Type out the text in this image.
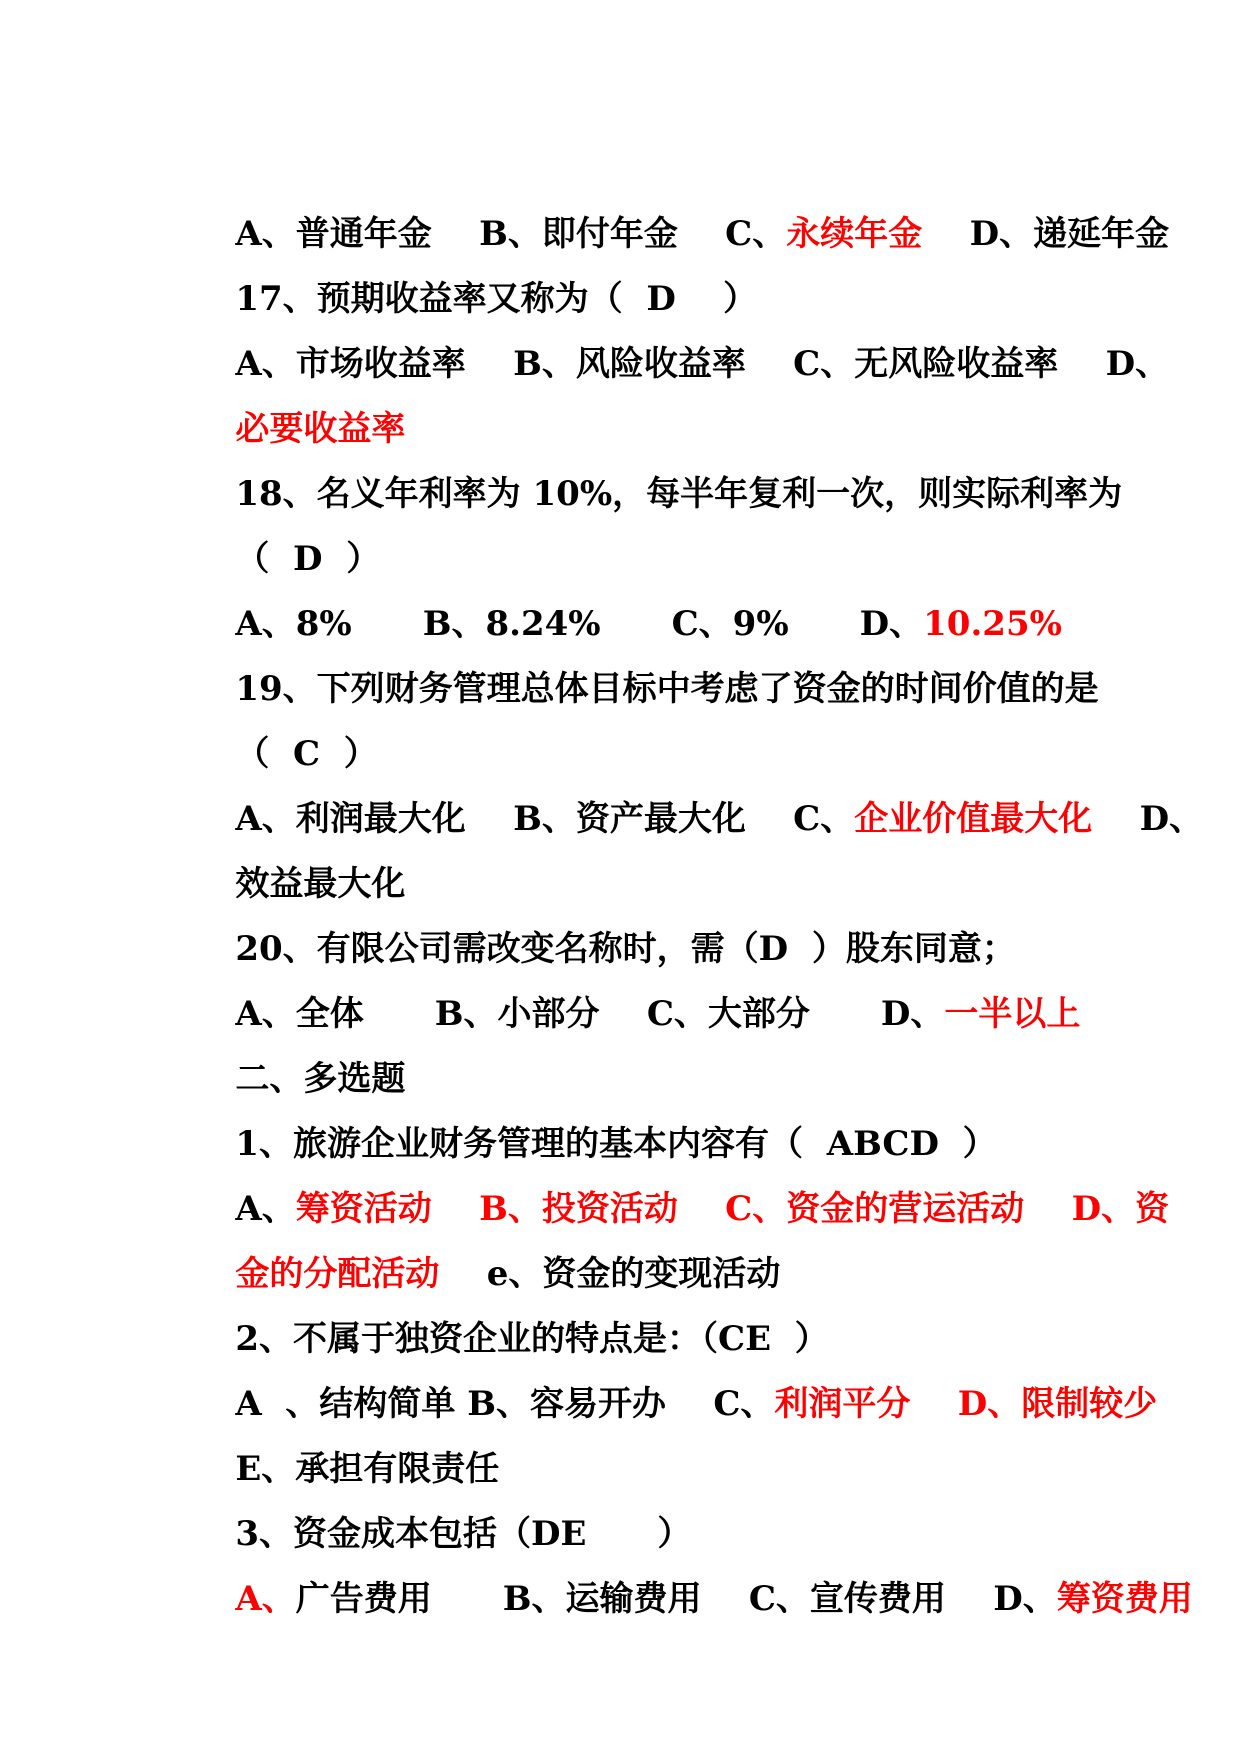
A、普通年金    B、即付年金    C、永续年金    D、递延年金

17、预期收益率又称为（  D    ）

A、市场收益率    B、风险收益率    C、无风险收益率    D、

必要收益率

18、名义年利率为 10%，每半年复利一次，则实际利率为

（  D  ）

A、8%      B、8.24%      C、9%      D、10.25%

19、下列财务管理总体目标中考虑了资金的时间价值的是

（  C  ）

A、利润最大化    B、资产最大化    C、企业价值最大化    D、

效益最大化

20、有限公司需改变名称时，需（D  ）股东同意；

A、全体      B、小部分    C、大部分      D、一半以上

二、多选题

1、旅游企业财务管理的基本内容有（  ABCD  ）

A、筹资活动    B、投资活动    C、资金的营运活动    D、资

金的分配活动    e、资金的变现活动

2、不属于独资企业的特点是：（CE  ）

A  、结构简单 B、容易开办    C、利润平分    D、限制较少

E、承担有限责任

3、资金成本包括（DE      ）

A、广告费用      B、运输费用    C、宣传费用    D、筹资费用
